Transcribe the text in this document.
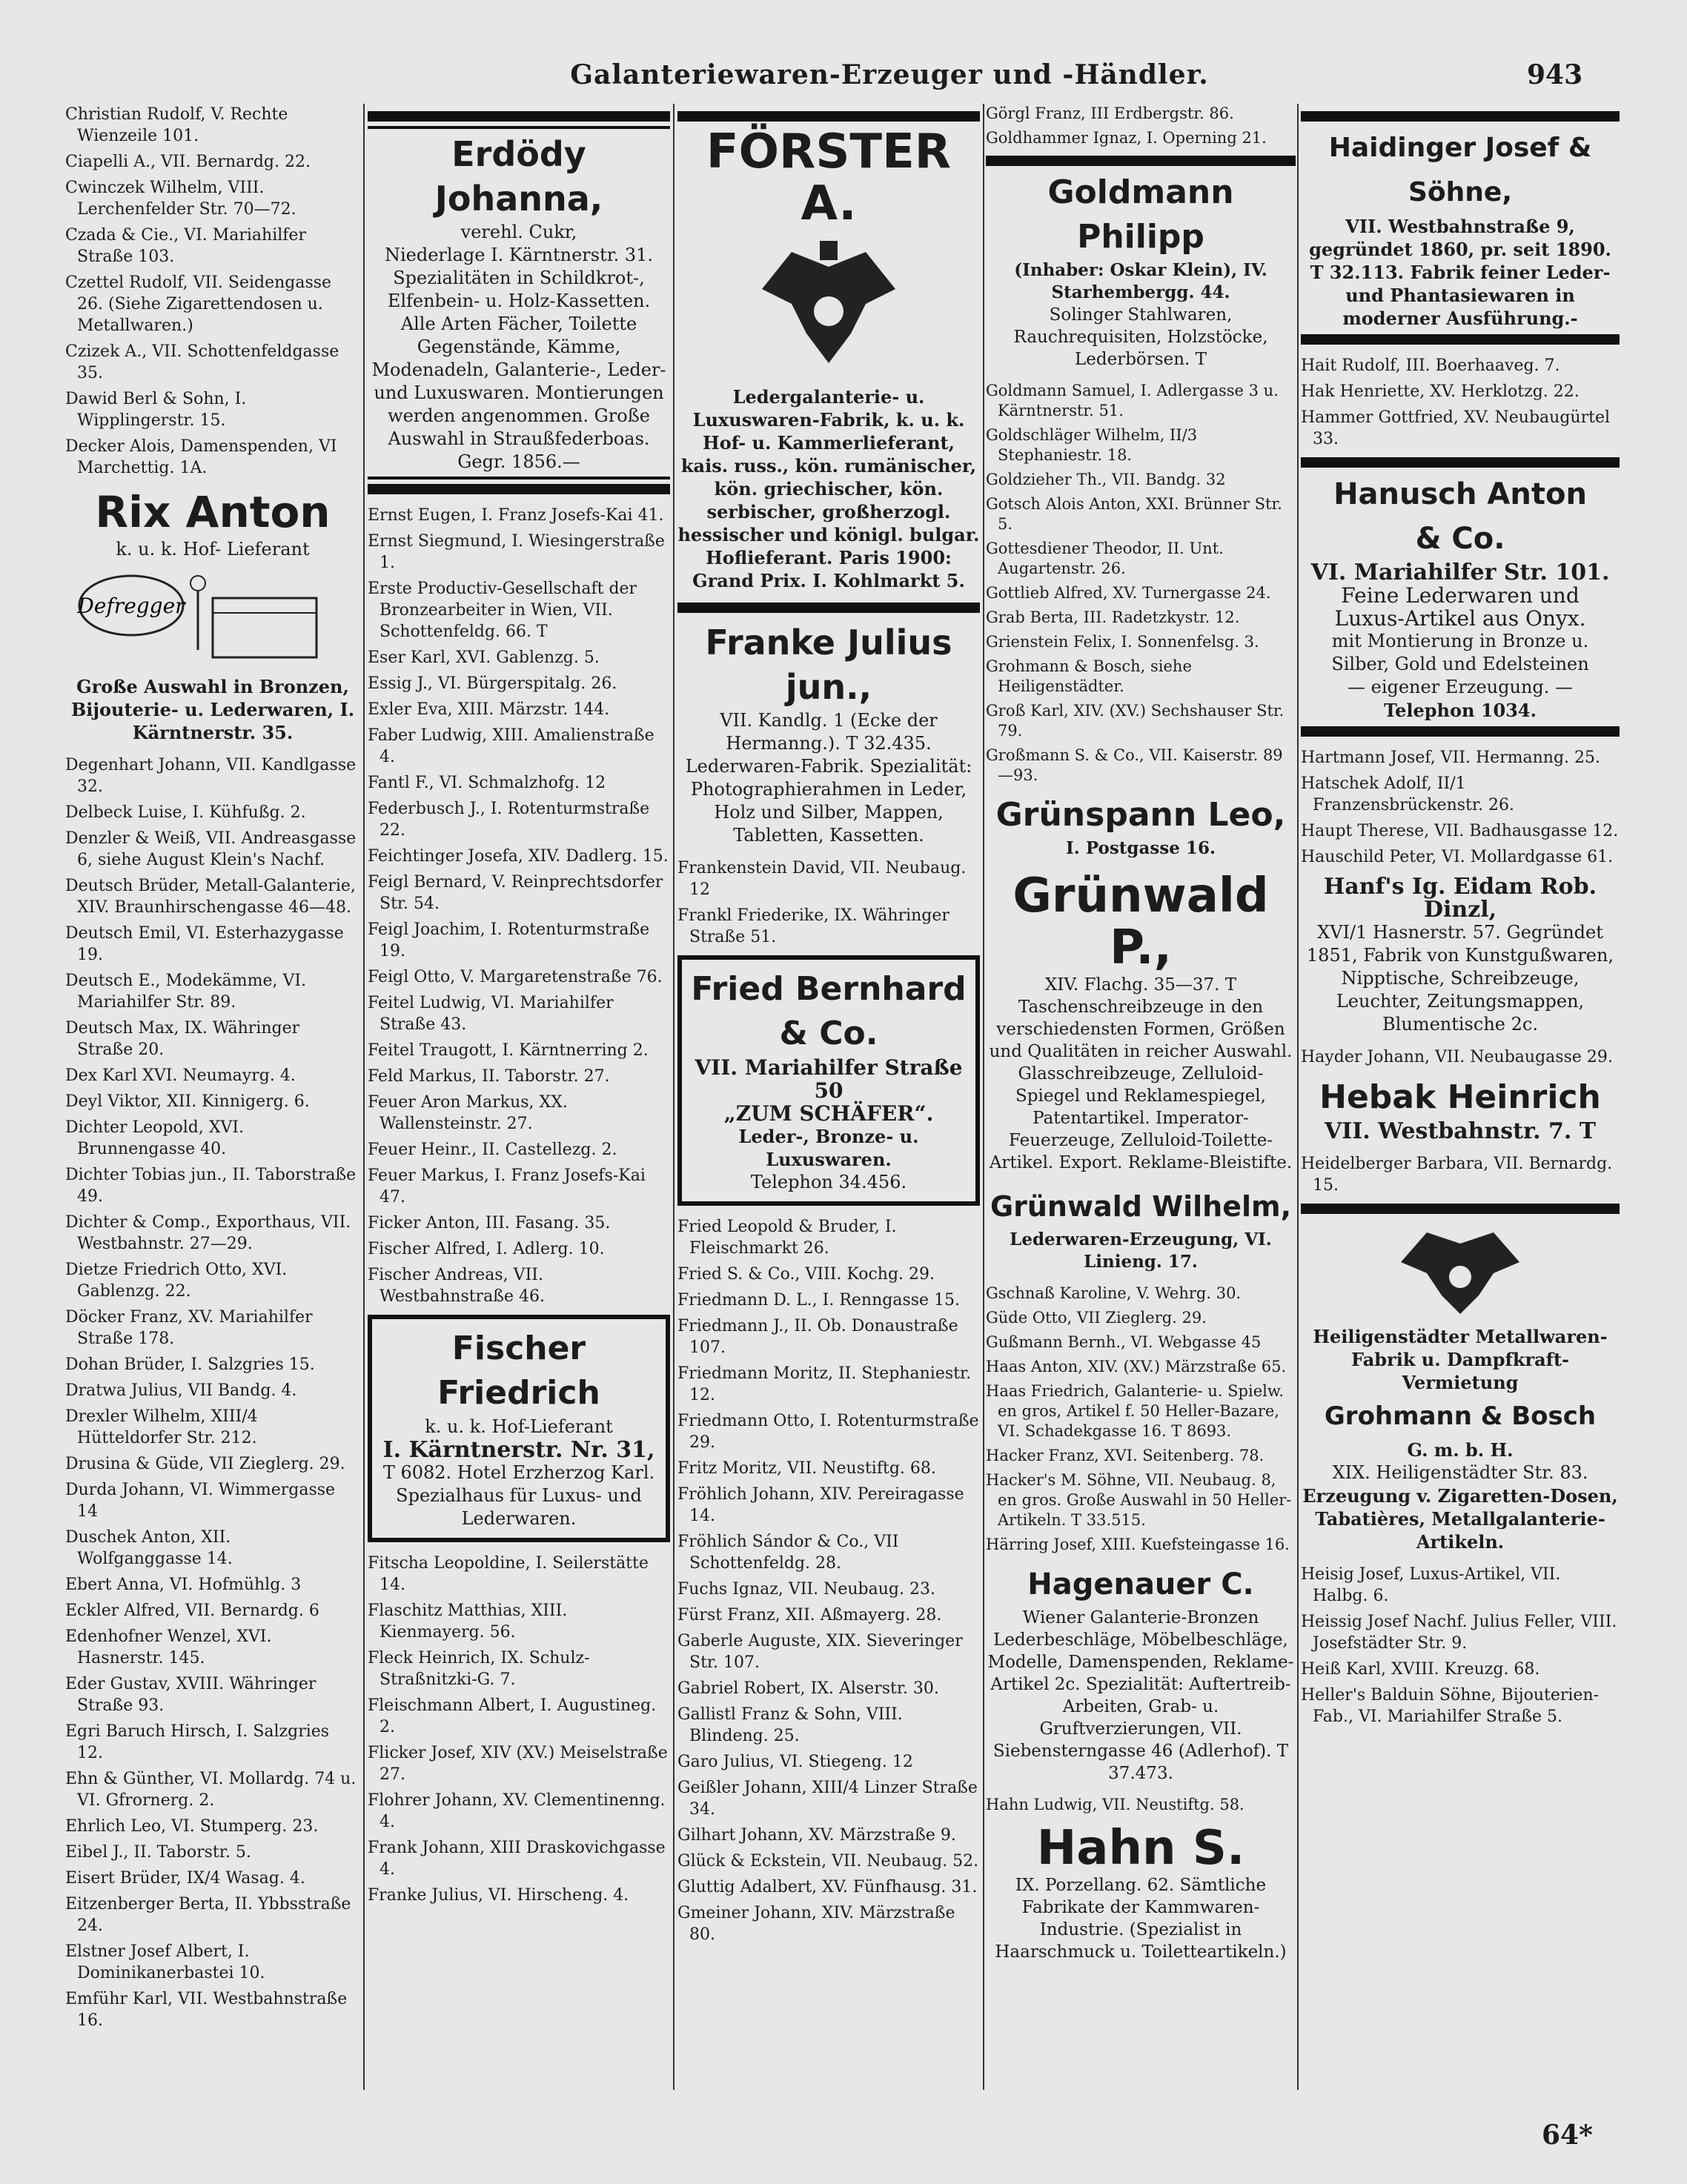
Galanteriewaren-Erzeuger und -Händler.	943
Christian Rudolf, V. Rechte Wienzeile 101.
Ciapelli A., VII. Bernardg. 22.
Cwinczek Wilhelm, VIII. Lerchenfelder Str. 70—72.
Czada & Cie., VI. Mariahilfer Straße 103.
Czettel Rudolf, VII. Seidengasse 26. (Siehe Zigarettendosen u. Metallwaren.)
Czizek A., VII. Schottenfeldgasse 35.
Dawid Berl & Sohn, I. Wipplingerstr. 15.
Decker Alois, Damenspenden, VI Marchettig. 1A.
Rix Anton
k. u. k. Hof- Lieferant
Defregger
Große Auswahl in Bronzen, Bijouterie- u. Lederwaren, I. Kärntnerstr. 35.
Degenhart Johann, VII. Kandlgasse 32.
Delbeck Luise, I. Kühfußg. 2.
Denzler & Weiß, VII. Andreasgasse 6, siehe August Klein's Nachf.
Deutsch Brüder, Metall-Galanterie, XIV. Braunhirschengasse 46—48.
Deutsch Emil, VI. Esterhazygasse 19.
Deutsch E., Modekämme, VI. Mariahilfer Str. 89.
Deutsch Max, IX. Währinger Straße 20.
Dex Karl XVI. Neumayrg. 4.
Deyl Viktor, XII. Kinnigerg. 6.
Dichter Leopold, XVI. Brunnengasse 40.
Dichter Tobias jun., II. Taborstraße 49.
Dichter & Comp., Exporthaus, VII. Westbahnstr. 27—29.
Dietze Friedrich Otto, XVI. Gablenzg. 22.
Döcker Franz, XV. Mariahilfer Straße 178.
Dohan Brüder, I. Salzgries 15.
Dratwa Julius, VII Bandg. 4.
Drexler Wilhelm, XIII/4 Hütteldorfer Str. 212.
Drusina & Güde, VII Zieglerg. 29.
Durda Johann, VI. Wimmergasse 14
Duschek Anton, XII. Wolfganggasse 14.
Ebert Anna, VI. Hofmühlg. 3
Eckler Alfred, VII. Bernardg. 6
Edenhofner Wenzel, XVI. Hasnerstr. 145.
Eder Gustav, XVIII. Währinger Straße 93.
Egri Baruch Hirsch, I. Salzgries 12.
Ehn & Günther, VI. Mollardg. 74 u. VI. Gfrornerg. 2.
Ehrlich Leo, VI. Stumperg. 23.
Eibel J., II. Taborstr. 5.
Eisert Brüder, IX/4 Wasag. 4.
Eitzenberger Berta, II. Ybbsstraße 24.
Elstner Josef Albert, I. Dominikanerbastei 10.
Emführ Karl, VII. Westbahnstraße 16.
Erdödy Johanna,
verehl. Cukr,
Niederlage I. Kärntnerstr. 31. Spezialitäten in Schildkrot-, Elfenbein- u. Holz-Kassetten. Alle Arten Fächer, Toilette Gegenstände, Kämme, Modenadeln, Galanterie-, Leder- und Luxuswaren. Montierungen werden angenommen. Große Auswahl in Straußfederboas. Gegr. 1856.—
Ernst Eugen, I. Franz Josefs-Kai 41.
Ernst Siegmund, I. Wiesingerstraße 1.
Erste Productiv-Gesellschaft der Bronzearbeiter in Wien, VII. Schottenfeldg. 66. T
Eser Karl, XVI. Gablenzg. 5.
Essig J., VI. Bürgerspitalg. 26.
Exler Eva, XIII. Märzstr. 144.
Faber Ludwig, XIII. Amalienstraße 4.
Fantl F., VI. Schmalzhofg. 12
Federbusch J., I. Rotenturmstraße 22.
Feichtinger Josefa, XIV. Dadlerg. 15.
Feigl Bernard, V. Reinprechtsdorfer Str. 54.
Feigl Joachim, I. Rotenturmstraße 19.
Feigl Otto, V. Margaretenstraße 76.
Feitel Ludwig, VI. Mariahilfer Straße 43.
Feitel Traugott, I. Kärntnerring 2.
Feld Markus, II. Taborstr. 27.
Feuer Aron Markus, XX. Wallensteinstr. 27.
Feuer Heinr., II. Castellezg. 2.
Feuer Markus, I. Franz Josefs-Kai 47.
Ficker Anton, III. Fasang. 35.
Fischer Alfred, I. Adlerg. 10.
Fischer Andreas, VII. Westbahnstraße 46.
Fischer Friedrich
k. u. k. Hof-Lieferant
I. Kärntnerstr. Nr. 31,
T 6082. Hotel Erzherzog Karl. Spezialhaus für Luxus- und Lederwaren.
Fitscha Leopoldine, I. Seilerstätte 14.
Flaschitz Matthias, XIII. Kienmayerg. 56.
Fleck Heinrich, IX. Schulz-Straßnitzki-G. 7.
Fleischmann Albert, I. Augustineg. 2.
Flicker Josef, XIV (XV.) Meiselstraße 27.
Flohrer Johann, XV. Clementinenng. 4.
Frank Johann, XIII Draskovichgasse 4.
Franke Julius, VI. Hirscheng. 4.
FÖRSTER A.
Ledergalanterie- u. Luxuswaren-Fabrik, k. u. k. Hof- u. Kammerlieferant, kais. russ., kön. rumänischer, kön. griechischer, kön. serbischer, großherzogl. hessischer und königl. bulgar. Hoflieferant. Paris 1900: Grand Prix. I. Kohlmarkt 5.
Franke Julius jun.,
VII. Kandlg. 1 (Ecke der Hermanng.). T 32.435. Lederwaren-Fabrik. Spezialität: Photographierahmen in Leder, Holz und Silber, Mappen, Tabletten, Kassetten.
Frankenstein David, VII. Neubaug. 12
Frankl Friederike, IX. Währinger Straße 51.
Fried Bernhard & Co.
VII. Mariahilfer Straße 50
„ZUM SCHÄFER“.
Leder-, Bronze- u. Luxuswaren.
Telephon 34.456.
Fried Leopold & Bruder, I. Fleischmarkt 26.
Fried S. & Co., VIII. Kochg. 29.
Friedmann D. L., I. Renngasse 15.
Friedmann J., II. Ob. Donaustraße 107.
Friedmann Moritz, II. Stephaniestr. 12.
Friedmann Otto, I. Rotenturmstraße 29.
Fritz Moritz, VII. Neustiftg. 68.
Fröhlich Johann, XIV. Pereiragasse 14.
Fröhlich Sándor & Co., VII Schottenfeldg. 28.
Fuchs Ignaz, VII. Neubaug. 23.
Fürst Franz, XII. Aßmayerg. 28.
Gaberle Auguste, XIX. Sieveringer Str. 107.
Gabriel Robert, IX. Alserstr. 30.
Gallistl Franz & Sohn, VIII. Blindeng. 25.
Garo Julius, VI. Stiegeng. 12
Geißler Johann, XIII/4 Linzer Straße 34.
Gilhart Johann, XV. Märzstraße 9.
Glück & Eckstein, VII. Neubaug. 52.
Gluttig Adalbert, XV. Fünfhausg. 31.
Gmeiner Johann, XIV. Märzstraße 80.
Görgl Franz, III Erdbergstr. 86.
Goldhammer Ignaz, I. Operning 21.
Goldmann Philipp
(Inhaber: Oskar Klein), IV. Starhembergg. 44.
Solinger Stahlwaren, Rauchrequisiten, Holzstöcke, Lederbörsen. T
Goldmann Samuel, I. Adlergasse 3 u. Kärntnerstr. 51.
Goldschläger Wilhelm, II/3 Stephaniestr. 18.
Goldzieher Th., VII. Bandg. 32
Gotsch Alois Anton, XXI. Brünner Str. 5.
Gottesdiener Theodor, II. Unt. Augartenstr. 26.
Gottlieb Alfred, XV. Turnergasse 24.
Grab Berta, III. Radetzkystr. 12.
Grienstein Felix, I. Sonnenfelsg. 3.
Grohmann & Bosch, siehe Heiligenstädter.
Groß Karl, XIV. (XV.) Sechshauser Str. 79.
Großmann S. & Co., VII. Kaiserstr. 89—93.
Grünspann Leo,
I. Postgasse 16.
Grünwald P.,
XIV. Flachg. 35—37. T Taschenschreibzeuge in den verschiedensten Formen, Größen und Qualitäten in reicher Auswahl. Glasschreibzeuge, Zelluloid-Spiegel und Reklamespiegel, Patentartikel. Imperator-Feuerzeuge, Zelluloid-Toilette-Artikel. Export. Reklame-Bleistifte.
Grünwald Wilhelm,
Lederwaren-Erzeugung, VI. Linieng. 17.
Gschnaß Karoline, V. Wehrg. 30.
Güde Otto, VII Zieglerg. 29.
Gußmann Bernh., VI. Webgasse 45
Haas Anton, XIV. (XV.) Märzstraße 65.
Haas Friedrich, Galanterie- u. Spielw. en gros, Artikel f. 50 Heller-Bazare, VI. Schadekgasse 16. T 8693.
Hacker Franz, XVI. Seitenberg. 78.
Hacker's M. Söhne, VII. Neubaug. 8, en gros. Große Auswahl in 50 Heller-Artikeln. T 33.515.
Härring Josef, XIII. Kuefsteingasse 16.
Hagenauer C.
Wiener Galanterie-Bronzen Lederbeschläge, Möbelbeschläge, Modelle, Damenspenden, Reklame-Artikel 2c. Spezialität: Auftertreib-Arbeiten, Grab- u. Gruftverzierungen, VII. Siebensterngasse 46 (Adlerhof). T 37.473.
Hahn Ludwig, VII. Neustiftg. 58.
Hahn S.
IX. Porzellang. 62. Sämtliche Fabrikate der Kammwaren-Industrie. (Spezialist in Haarschmuck u. Toiletteartikeln.)
Haidinger Josef & Söhne,
VII. Westbahnstraße 9, gegründet 1860, pr. seit 1890. T 32.113. Fabrik feiner Leder- und Phantasiewaren in moderner Ausführung.-
Hait Rudolf, III. Boerhaaveg. 7.
Hak Henriette, XV. Herklotzg. 22.
Hammer Gottfried, XV. Neubaugürtel 33.
Hanusch Anton
& Co.
VI. Mariahilfer Str. 101.
Feine Lederwaren und
Luxus-Artikel aus Onyx.
mit Montierung in Bronze u. Silber, Gold und Edelsteinen
— eigener Erzeugung. —
Telephon 1034.
Hartmann Josef, VII. Hermanng. 25.
Hatschek Adolf, II/1 Franzensbrückenstr. 26.
Haupt Therese, VII. Badhausgasse 12.
Hauschild Peter, VI. Mollardgasse 61.
Hanf's Ig. Eidam Rob. Dinzl,
XVI/1 Hasnerstr. 57. Gegründet 1851, Fabrik von Kunstgußwaren, Nipptische, Schreibzeuge, Leuchter, Zeitungsmappen, Blumentische 2c.
Hayder Johann, VII. Neubaugasse 29.
Hebak Heinrich
VII. Westbahnstr. 7. T
Heidelberger Barbara, VII. Bernardg. 15.
Heiligenstädter Metallwaren-Fabrik u. Dampfkraft-Vermietung
Grohmann & Bosch
G. m. b. H.
XIX. Heiligenstädter Str. 83.
Erzeugung v. Zigaretten-Dosen, Tabatières, Metallgalanterie-Artikeln.
Heisig Josef, Luxus-Artikel, VII. Halbg. 6.
Heissig Josef Nachf. Julius Feller, VIII. Josefstädter Str. 9.
Heiß Karl, XVIII. Kreuzg. 68.
Heller's Balduin Söhne, Bijouterien-Fab., VI. Mariahilfer Straße 5.
64*
